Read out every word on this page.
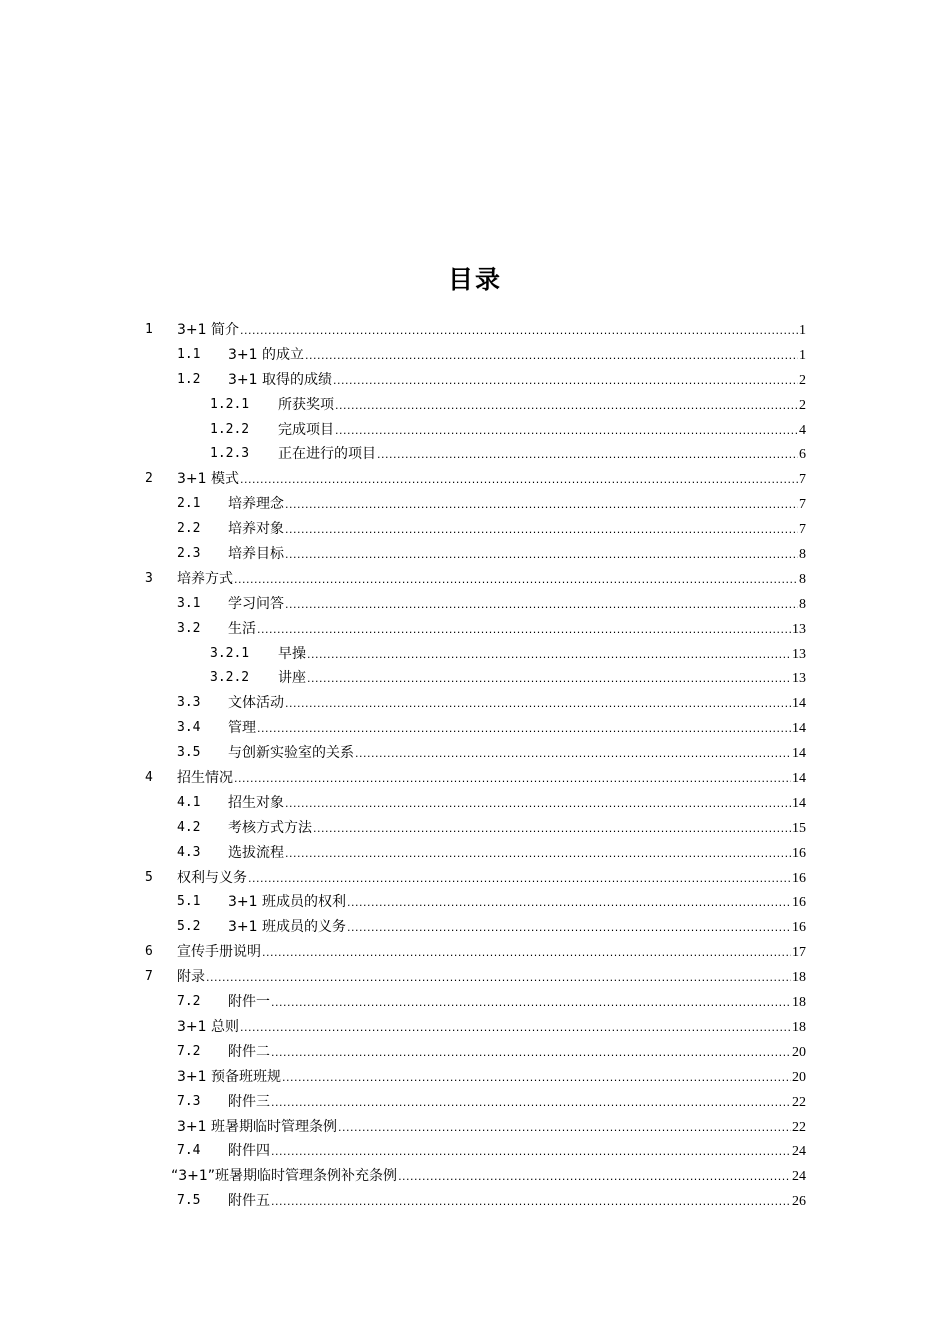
目录
1 3+1 简介 .....	1
1.1 3+1 的成立 .....	1
1.2 3+1 取得的成绩 .....	2
1.2.1 所获奖项 .....	2
1.2.2 完成项目 .....	4
1.2.3 正在进行的项目 .....	6
2 3+1 模式 .....	7
2.1 培养理念 .....	7
2.2 培养对象 .....	7
2.3 培养目标 .....	8
3 培养方式 .....	8
3.1 学习问答 .....	8
3.2 生活 .....	13
3.2.1 早操 .....	13
3.2.2 讲座 .....	13
3.3 文体活动 .....	14
3.4 管理 .....	14
3.5 与创新实验室的关系 .....	14
4 招生情况 .....	14
4.1 招生对象 .....	14
4.2 考核方式方法 .....	15
4.3 选拔流程 .....	16
5 权利与义务 .....	16
5.1 3+1 班成员的权利 .....	16
5.2 3+1 班成员的义务 .....	16
6 宣传手册说明 .....	17
7 附录 .....	18
7.2 附件一 .....	18
3+1 总则 .....	18
7.2 附件二 .....	20
3+1 预备班班规 .....	20
7.3 附件三 .....	22
3+1 班暑期临时管理条例 .....	22
7.4 附件四 .....	24
“3+1”班暑期临时管理条例补充条例 .....	24
7.5 附件五 .....	26
